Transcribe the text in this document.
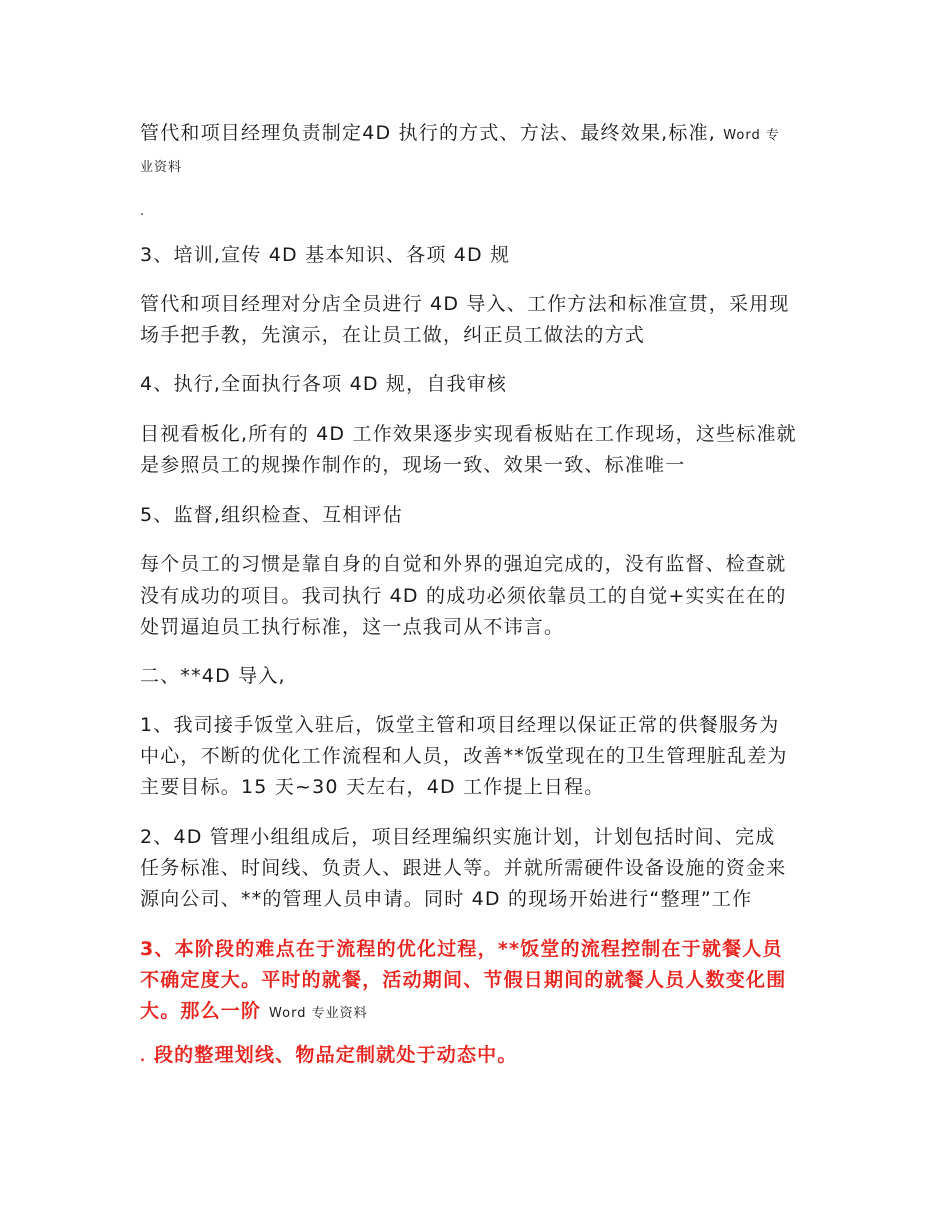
管代和项目经理负责制定4D 执行的方式、方法、最终效果,标准, Word 专
业资料
.
3、培训,宣传 4D 基本知识、各项 4D 规
管代和项目经理对分店全员进行 4D 导入、工作方法和标准宣贯，采用现
场手把手教，先演示，在让员工做，纠正员工做法的方式
4、执行,全面执行各项 4D 规，自我审核
目视看板化,所有的 4D 工作效果逐步实现看板贴在工作现场，这些标准就
是参照员工的规操作制作的，现场一致、效果一致、标准唯一
5、监督,组织检查、互相评估
每个员工的习惯是靠自身的自觉和外界的强迫完成的，没有监督、检查就
没有成功的项目。我司执行 4D 的成功必须依靠员工的自觉+实实在在的
处罚逼迫员工执行标准，这一点我司从不讳言。
二、**4D 导入,
1、我司接手饭堂入驻后，饭堂主管和项目经理以保证正常的供餐服务为
中心，不断的优化工作流程和人员，改善**饭堂现在的卫生管理脏乱差为
主要目标。15 天~30 天左右，4D 工作提上日程。
2、4D 管理小组组成后，项目经理编织实施计划，计划包括时间、完成
任务标准、时间线、负责人、跟进人等。并就所需硬件设备设施的资金来
源向公司、**的管理人员申请。同时 4D 的现场开始进行“整理”工作
3、本阶段的难点在于流程的优化过程，**饭堂的流程控制在于就餐人员
不确定度大。平时的就餐，活动期间、节假日期间的就餐人员人数变化围
大。那么一阶 Word 专业资料
. 段的整理划线、物品定制就处于动态中。
